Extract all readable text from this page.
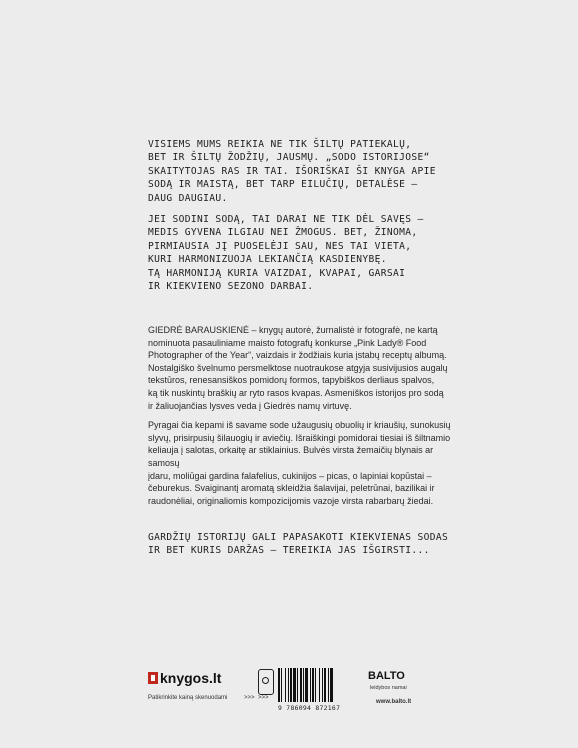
VISIEMS MUMS REIKIA NE TIK ŠILTŲ PATIEKALŲ,
BET IR ŠILTŲ ŽODŽIŲ, JAUSMŲ. „SODO ISTORIJOSE“
SKAITYTOJAS RAS IR TAI. IŠORIŠKAI ŠI KNYGA APIE
SODĄ IR MAISTĄ, BET TARP EILUČIŲ, DETALĖSE –
DAUG DAUGIAU.

JEI SODINI SODĄ, TAI DARAI NE TIK DĖL SAVĘS –
MEDIS GYVENA ILGIAU NEI ŽMOGUS. BET, ŽINOMA,
PIRMIAUSIA JĮ PUOSELĖJI SAU, NES TAI VIETA,
KURI HARMONIZUOJA LEKIANČIĄ KASDIENYBĘ.
TĄ HARMONIJĄ KURIA VAIZDAI, KVAPAI, GARSAI
IR KIEKVIENO SEZONO DARBAI.

GIEDRĖ BARAUSKIENĖ – knygų autorė, žurnalistė ir fotografė, ne kartą
nominuota pasauliniame maisto fotografų konkurse „Pink Lady® Food
Photographer of the Year“, vaizdais ir žodžiais kuria įstabų receptų albumą.
Nostalgiško švelnumo persmelktose nuotraukose atgyja susivijusios augalų
tekstūros, renesansiškos pomidorų formos, tapybiškos derliaus spalvos,
ką tik nuskintų braškių ar ryto rasos kvapas. Asmeniškos istorijos pro sodą
ir žaliuojančias lysves veda į Giedrės namų virtuvę.

Pyragai čia kepami iš savame sode užaugusių obuolių ir kriaušių, sunokusių
slyvų, prisirpusių šilauogių ir aviečių. Išraiškingi pomidorai tiesiai iš šiltnamio
keliauja į salotas, orkaitę ar stiklainius. Bulvės virsta žemaičių blynais ar samosų
įdaru, moliūgai gardina falafelius, cukinijos – picas, o lapiniai kopūstai –
čeburekus. Svaiginantį aromatą skleidžia šalavijai, peletrūnai, bazilikai ir
raudonėliai, originaliomis kompozicijomis vazoje virsta rabarbarų žiedai.

GARDŽIŲ ISTORIJŲ GALI PAPASAKOTI KIEKVIENAS SODAS
IR BET KURIS DARŽAS – TEREIKIA JAS IŠGIRSTI...

knygos.lt
Patikrinkite kainą skenuodami	>>> >>>
9 786094 872167
BALTO
leidybos namai
www.balto.lt
